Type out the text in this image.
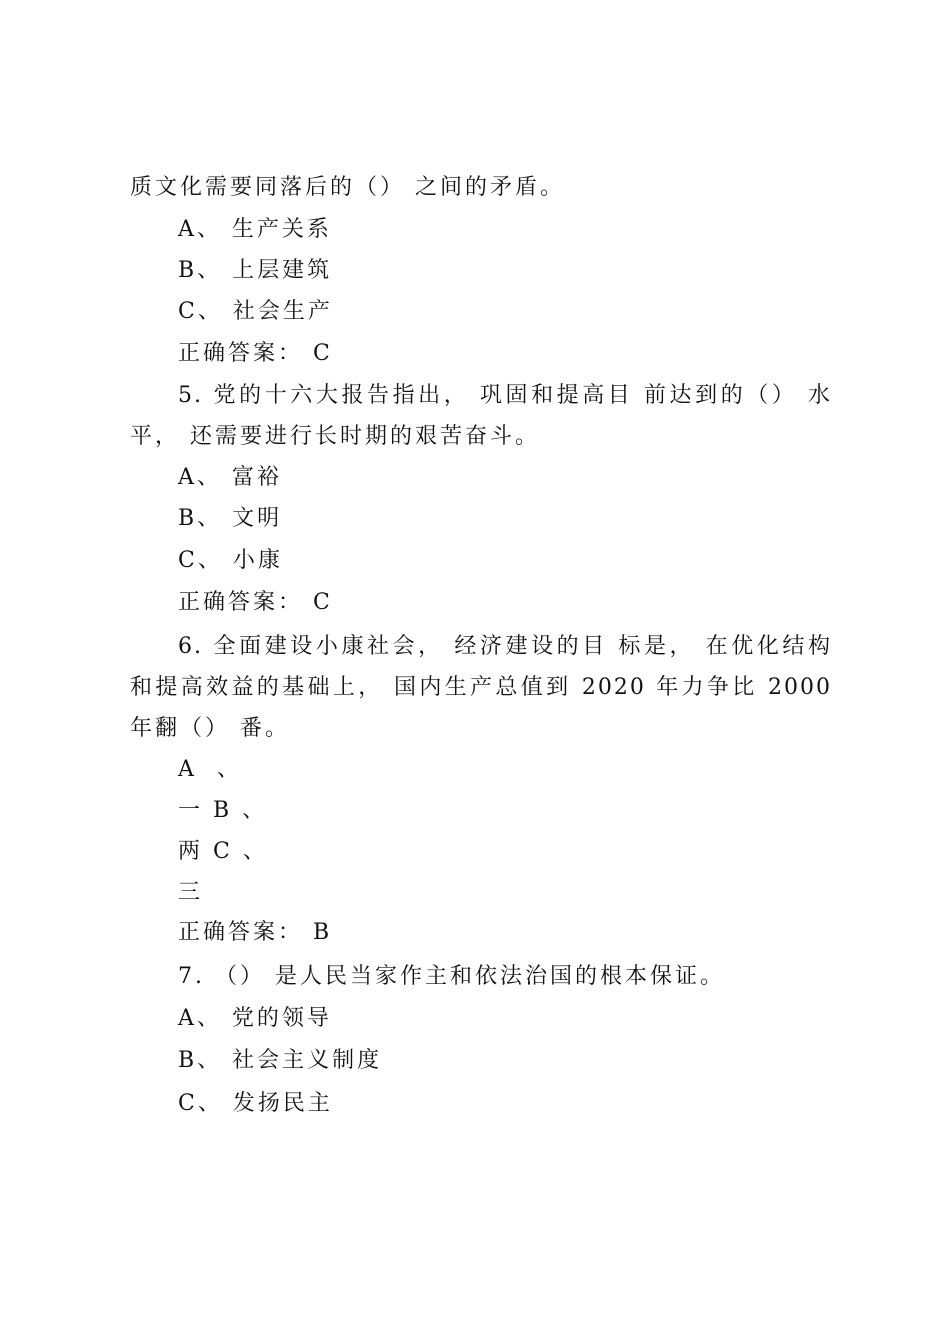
质文化需要同落后的（） 之间的矛盾。
A、 生产关系
B、 上层建筑
C、 社会生产
正确答案： C
5. 党的十六大报告指出， 巩固和提高目 前达到的（） 水
平， 还需要进行长时期的艰苦奋斗。
A、 富裕
B、 文明
C、 小康
正确答案： C
6. 全面建设小康社会， 经济建设的目 标是， 在优化结构
和提高效益的基础上， 国内生产总值到 2020 年力争比 2000
年翻（） 番。
A  、
一 B 、
两 C 、
三
正确答案： B
7. （） 是人民当家作主和依法治国的根本保证。
A、 党的领导
B、 社会主义制度
C、 发扬民主
